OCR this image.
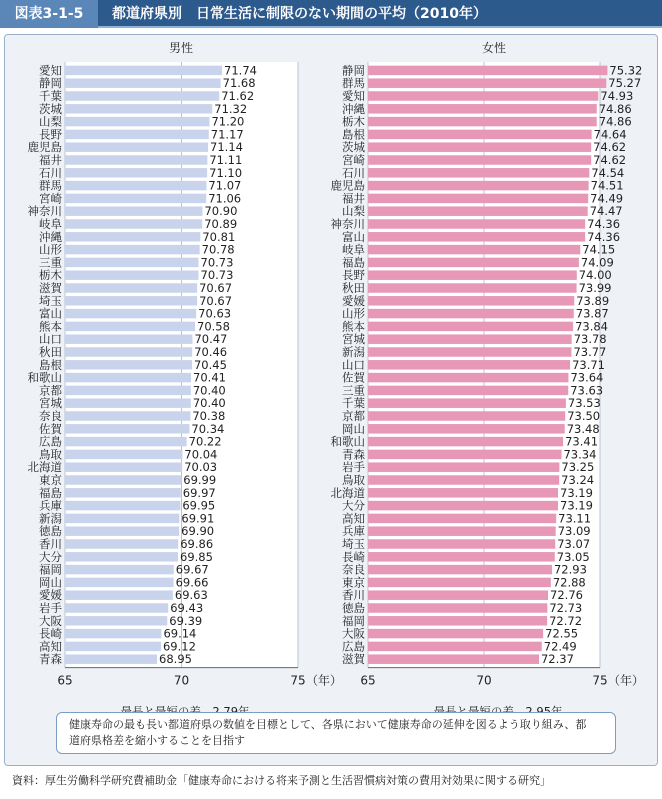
図表3-1-5	都道府県別　日常生活に制限のない期間の平均（2010年）
男性
愛知	71.74
静岡	71.68
千葉	71.62
茨城	71.32
山梨	71.20
長野	71.17
鹿児島	71.14
福井	71.11
石川	71.10
群馬	71.07
宮崎	71.06
神奈川	70.90
岐阜	70.89
沖縄	70.81
山形	70.78
三重	70.73
栃木	70.73
滋賀	70.67
埼玉	70.67
富山	70.63
熊本	70.58
山口	70.47
秋田	70.46
島根	70.45
和歌山	70.41
京都	70.40
宮城	70.40
奈良	70.38
佐賀	70.34
広島	70.22
鳥取	70.04
北海道	70.03
東京	69.99
福島	69.97
兵庫	69.95
新潟	69.91
徳島	69.90
香川	69.86
大分	69.85
福岡	69.67
岡山	69.66
愛媛	69.63
岩手	69.43
大阪	69.39
長崎	69.14
高知	69.12
青森	68.95
65	70	75 （年）
女性
静岡	75.32
群馬	75.27
愛知	74.93
沖縄	74.86
栃木	74.86
島根	74.64
茨城	74.62
宮崎	74.62
石川	74.54
鹿児島	74.51
福井	74.49
山梨	74.47
神奈川	74.36
富山	74.36
岐阜	74.15
福島	74.09
長野	74.00
秋田	73.99
愛媛	73.89
山形	73.87
熊本	73.84
宮城	73.78
新潟	73.77
山口	73.71
佐賀	73.64
三重	73.63
千葉	73.53
京都	73.50
岡山	73.48
和歌山	73.41
青森	73.34
岩手	73.25
鳥取	73.24
北海道	73.19
大分	73.19
高知	73.11
兵庫	73.09
埼玉	73.07
長崎	73.05
奈良	72.93
東京	72.88
香川	72.76
徳島	72.73
福岡	72.72
大阪	72.55
広島	72.49
滋賀	72.37
65	70	75 （年）
健康寿命の最も長い都道府県の数値を目標として、各県において健康寿命の延伸を図るよう取り組み、都
道府県格差を縮小することを目指す
資料：厚生労働科学研究費補助金「健康寿命における将来予測と生活習慣病対策の費用対効果に関する研究」
